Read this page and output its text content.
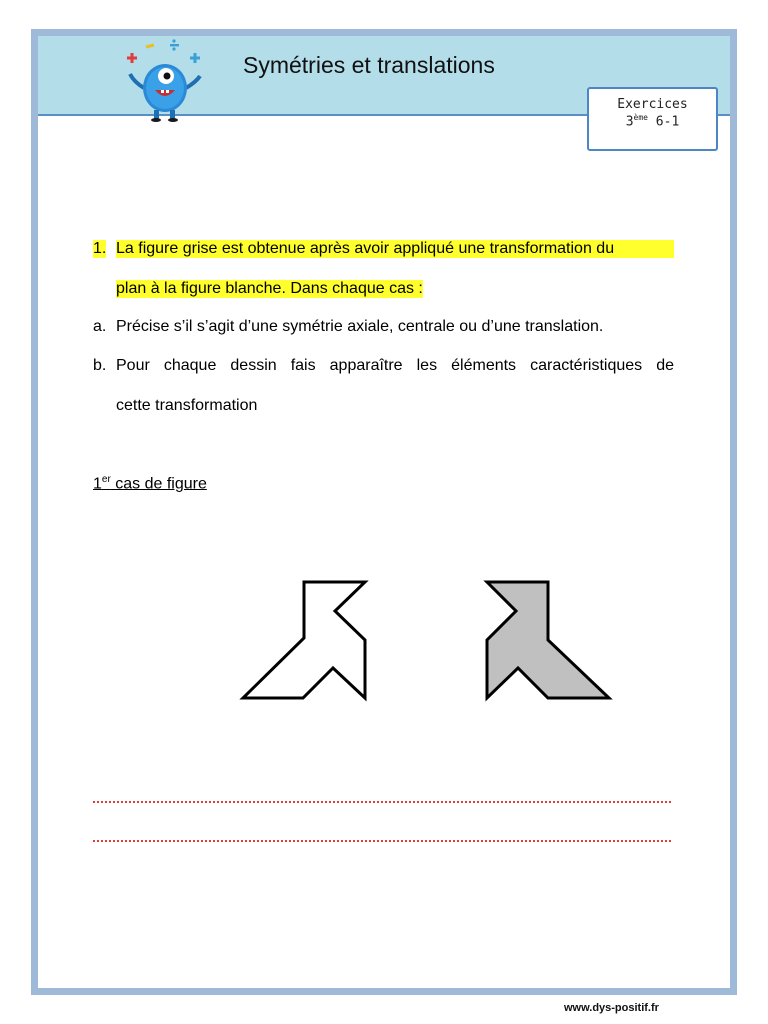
Symétries et translations
Exercices
3ème 6-1
1. La figure grise est obtenue après avoir appliqué une transformation du
plan à la figure blanche. Dans chaque cas :
a. Précise s’il s’agit d’une symétrie axiale, centrale ou d’une translation.
b. Pour chaque dessin fais apparaître les éléments caractéristiques de
cette transformation
1er cas de figure
www.dys-positif.fr
